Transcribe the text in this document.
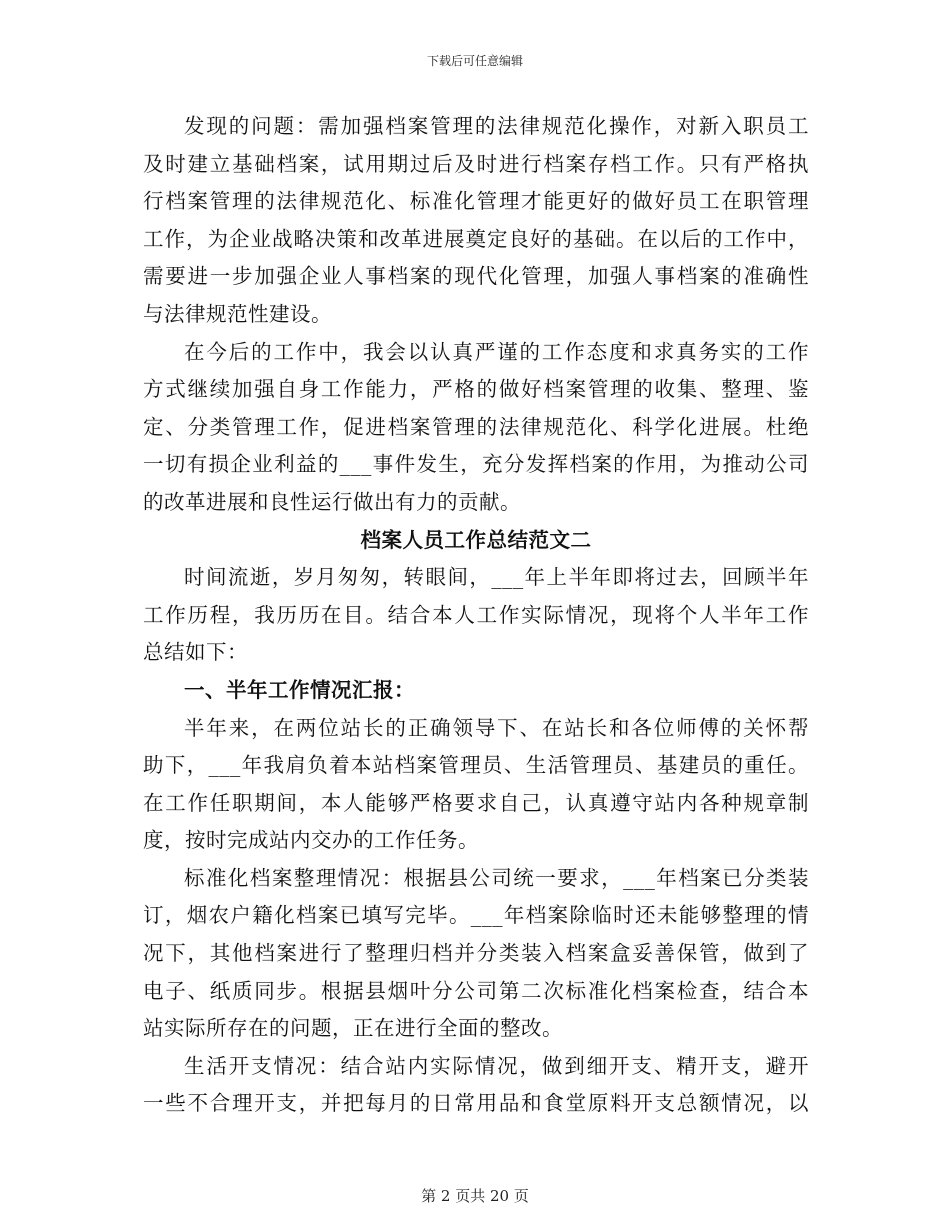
下载后可任意编辑
发现的问题：需加强档案管理的法律规范化操作，对新入职员工
及时建立基础档案，试用期过后及时进行档案存档工作。只有严格执
行档案管理的法律规范化、标准化管理才能更好的做好员工在职管理
工作，为企业战略决策和改革进展奠定良好的基础。在以后的工作中，
需要进一步加强企业人事档案的现代化管理，加强人事档案的准确性
与法律规范性建设。
在今后的工作中，我会以认真严谨的工作态度和求真务实的工作
方式继续加强自身工作能力，严格的做好档案管理的收集、整理、鉴
定、分类管理工作，促进档案管理的法律规范化、科学化进展。杜绝
一切有损企业利益的___事件发生，充分发挥档案的作用，为推动公司
的改革进展和良性运行做出有力的贡献。
档案人员工作总结范文二
时间流逝，岁月匆匆，转眼间，___年上半年即将过去，回顾半年
工作历程，我历历在目。结合本人工作实际情况，现将个人半年工作
总结如下：
一、半年工作情况汇报：
半年来，在两位站长的正确领导下、在站长和各位师傅的关怀帮
助下，___年我肩负着本站档案管理员、生活管理员、基建员的重任。
在工作任职期间，本人能够严格要求自己，认真遵守站内各种规章制
度，按时完成站内交办的工作任务。
标准化档案整理情况：根据县公司统一要求，___年档案已分类装
订，烟农户籍化档案已填写完毕。___年档案除临时还未能够整理的情
况下，其他档案进行了整理归档并分类装入档案盒妥善保管，做到了
电子、纸质同步。根据县烟叶分公司第二次标准化档案检查，结合本
站实际所存在的问题，正在进行全面的整改。
生活开支情况：结合站内实际情况，做到细开支、精开支，避开
一些不合理开支，并把每月的日常用品和食堂原料开支总额情况，以
第 2 页共 20 页
